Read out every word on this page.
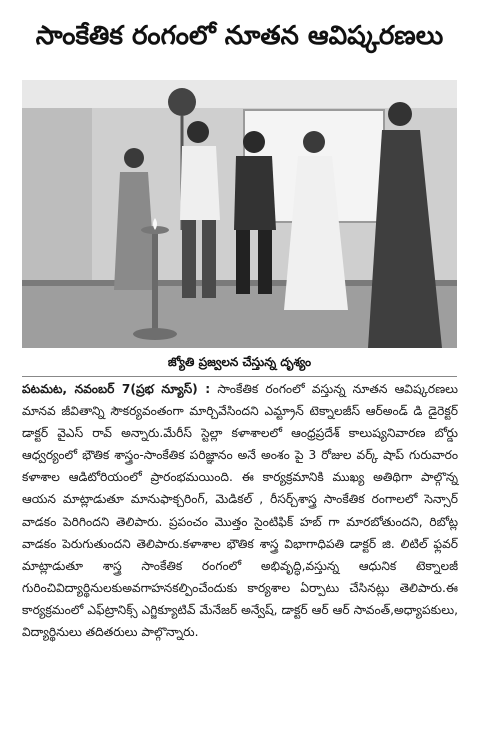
సాంకేతిక రంగంలో నూతన ఆవిష్కరణలు
జ్యోతి ప్రజ్వలన చేస్తున్న దృశ్యం
పటమట, నవంబర్ 7(ప్రభ న్యూస్) : సాంకేతిక రంగంలో వస్తున్న నూతన ఆవిష్కరణలు మానవ జీవితాన్ని సౌకర్యవంతంగా మార్చివేసిందని ఎమ్ట్రాన్ టెక్నాలజీస్ ఆర్‌అండ్ డి డైరెక్టర్ డాక్టర్ వైఎస్ రావ్ అన్నారు.మేరీస్ స్టెల్లా కళాశాలలో ఆంధ్రప్రదేశ్ కాలుష్యనివారణ బోర్డు ఆధ్వర్యంలో భౌతిక శాస్త్రం-సాంకేతిక పరిజ్ఞానం అనే అంశం పై 3 రోజుల వర్క్ షాప్ గురువారం కళాశాల ఆడిటోరియంలో ప్రారంభమయింది. ఈ కార్యక్రమానికి ముఖ్య అతిథిగా పాల్గొన్న ఆయన మాట్లాడుతూ మానుఫాక్చరింగ్, మెడికల్ , రీసర్చ్‌శాస్త్ర సాంకేతిక రంగాలలో సెన్సార్ వాడకం పెరిగిందని తెలిపారు. ప్రపంచం మొత్తం సైంటిఫిక్ హబ్ గా మారబోతుందని, రిబోట్ల వాడకం పెరుగుతుందని తెలిపారు.కళాశాల భౌతిక శాస్త్ర విభాగాధిపతి డాక్టర్ జి. లిటిల్ ఫ్లవర్ మాట్లాడుతూ శాస్త్ర సాంకేతిక రంగంలో అభివృద్ధి,వస్తున్న ఆధునిక టెక్నాలజీ గురించివిద్యార్థినులకుఅవగాహనకల్పించేందుకు కార్యశాల ఏర్పాటు చేసినట్లు తెలిపారు.ఈ కార్యక్రమంలో ఎఫ్‌ట్రానిక్స్ ఎగ్జిక్యూటివ్ మేనేజర్ అన్వేష్, డాక్టర్ ఆర్ ఆర్ సావంత్,అధ్యాపకులు, విద్యార్థినులు తదితరులు పాల్గొన్నారు.
